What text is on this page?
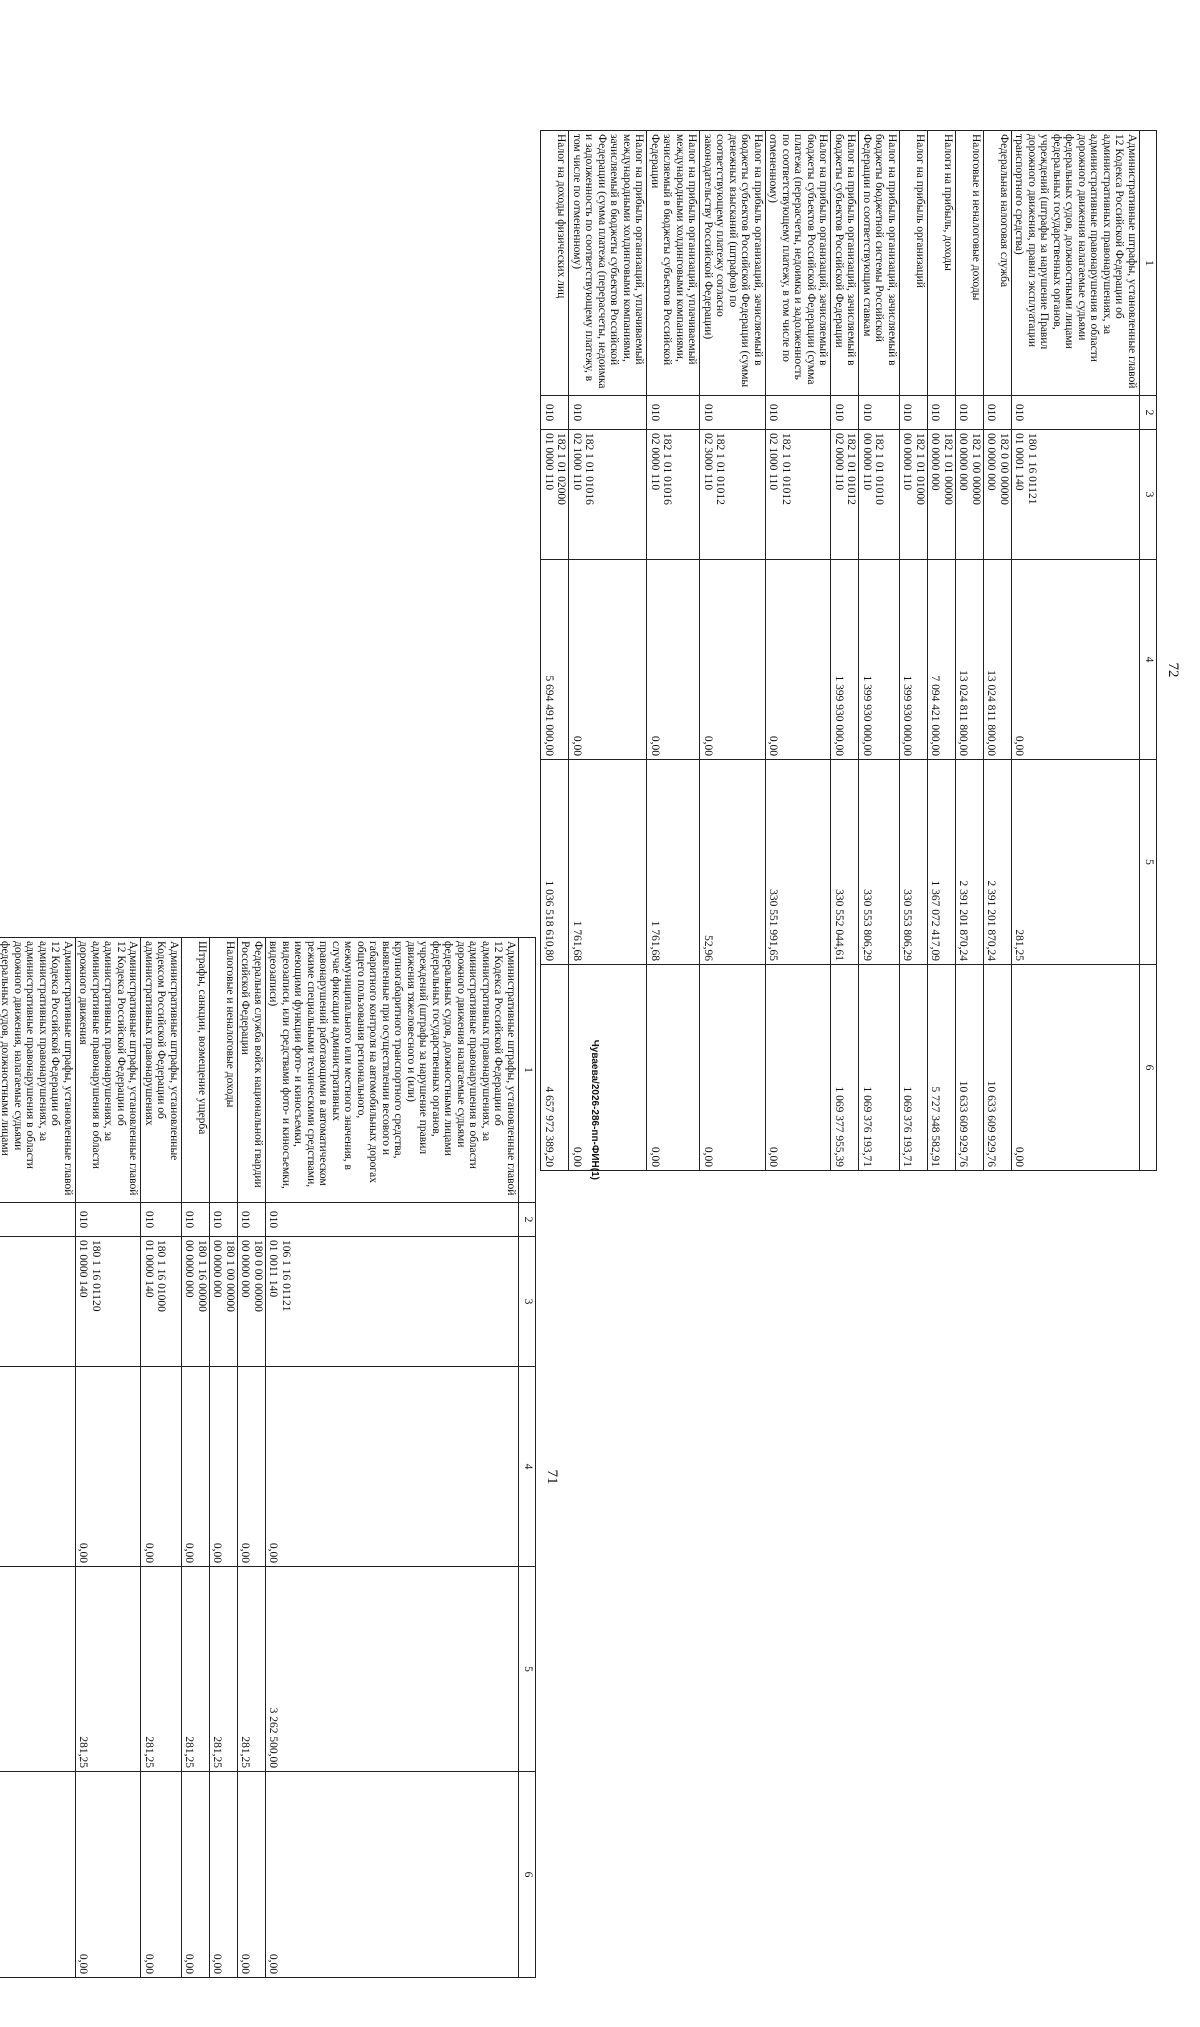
71
1	2	3	4	5	6
Административные штрафы, установленные главой 12 Кодекса Российской Федерации об административных правонарушениях, за административные правонарушения в области дорожного движения налагаемые судьями федеральных судов, должностными лицами федеральных государственных органов, учреждений (штрафы за нарушение правил движения тяжеловесного и (или) крупногабаритного транспортного средства, выявленные при осуществлении весового и габаритного контроля на автомобильных дорогах общего пользования регионального, межмуниципального или местного значения, в случае фиксации административных правонарушений работающими в автоматическом режиме специальными техническими средствами, имеющими функции фото- и киносъемки, видеозаписи, или средствами фото- и киносъемки, видеозаписи)	010	106 1 16 01121
01 0011 140	0,00	3 262 500,00	0,00
Федеральная служба войск национальной гвардии Российской Федерации	010	180 0 00 00000
00 0000 000	0,00	281,25	0,00
Налоговые и неналоговые доходы	010	180 1 00 00000
00 0000 000	0,00	281,25	0,00
Штрафы, санкции, возмещение ущерба	010	180 1 16 00000
00 0000 000	0,00	281,25	0,00
Административные штрафы, установленные Кодексом Российской Федерации об административных правонарушениях	010	180 1 16 01000
01 0000 140	0,00	281,25	0,00
Административные штрафы, установленные главой 12 Кодекса Российской Федерации об административных правонарушениях, за административные правонарушения в области дорожного движения	010	180 1 16 01120
01 0000 140	0,00	281,25	0,00
Административные штрафы, установленные главой 12 Кодекса Российской Федерации об административных правонарушениях, за административные правонарушения в области дорожного движения, налагаемые судьями федеральных судов, должностными лицами					
72
1	2	3	4	5	6
Административные штрафы, установленные главой 12 Кодекса Российской Федерации об административных правонарушениях, за административные правонарушения в области дорожного движения налагаемые судьями федеральных судов, должностными лицами федеральных государственных органов, учреждений (штрафы за нарушение Правил дорожного движения, правил эксплуатации транспортного средства)	010	180 1 16 01121
01 0001 140	0,00	281,25	0,00
Федеральная налоговая служба	010	182 0 00 00000
00 0000 000	13 024 811 800,00	2 391 201 870,24	10 633 609 929,76
Налоговые и неналоговые доходы	010	182 1 00 00000
00 0000 000	13 024 811 800,00	2 391 201 870,24	10 633 609 929,76
Налоги на прибыль, доходы	010	182 1 01 00000
00 0000 000	7 094 421 000,00	1 367 072 417,09	5 727 348 582,91
Налог на прибыль организаций	010	182 1 01 01000
00 0000 110	1 399 930 000,00	330 553 806,29	1 069 376 193,71
Налог на прибыль организаций, зачисляемый в бюджеты бюджетной системы Российской Федерации по соответствующим ставкам	010	182 1 01 01010
00 0000 110	1 399 930 000,00	330 553 806,29	1 069 376 193,71
Налог на прибыль организаций, зачисляемый в бюджеты субъектов Российской Федерации	010	182 1 01 01012
02 0000 110	1 399 930 000,00	330 552 044,61	1 069 377 955,39
Налог на прибыль организаций, зачисляемый в бюджеты субъектов Российской Федерации (сумма платежа (перерасчеты, недоимка и задолженность по соответствующему платежу, в том числе по отмененному)	010	182 1 01 01012
02 1000 110	0,00	330 551 991,65	0,00
Налог на прибыль организаций, зачисляемый в бюджеты субъектов Российской Федерации (суммы денежных взысканий (штрафов) по соответствующему платежу согласно законодательству Российской Федерации)	010	182 1 01 01012
02 3000 110	0,00	52,96	0,00
Налог на прибыль организаций, уплачиваемый международными холдинговыми компаниями, зачисляемый в бюджеты субъектов Российской Федерации	010	182 1 01 01016
02 0000 110	0,00	1 761,68	0,00
Налог на прибыль организаций, уплачиваемый международными холдинговыми компаниями, зачисляемый в бюджеты субъектов Российской Федерации (сумма платежа (перерасчеты, недоимка и задолженность по соответствующему платежу, в том числе по отмененному)	010	182 1 01 01016
02 1000 110	0,00	1 761,68	0,00
Налог на доходы физических лиц	010	182 1 01 02000
01 0000 110	5 694 491 000,00	1 036 518 610,80	4 657 972 389,20	Чуваева/2026-286-пп-ФИН(1)
